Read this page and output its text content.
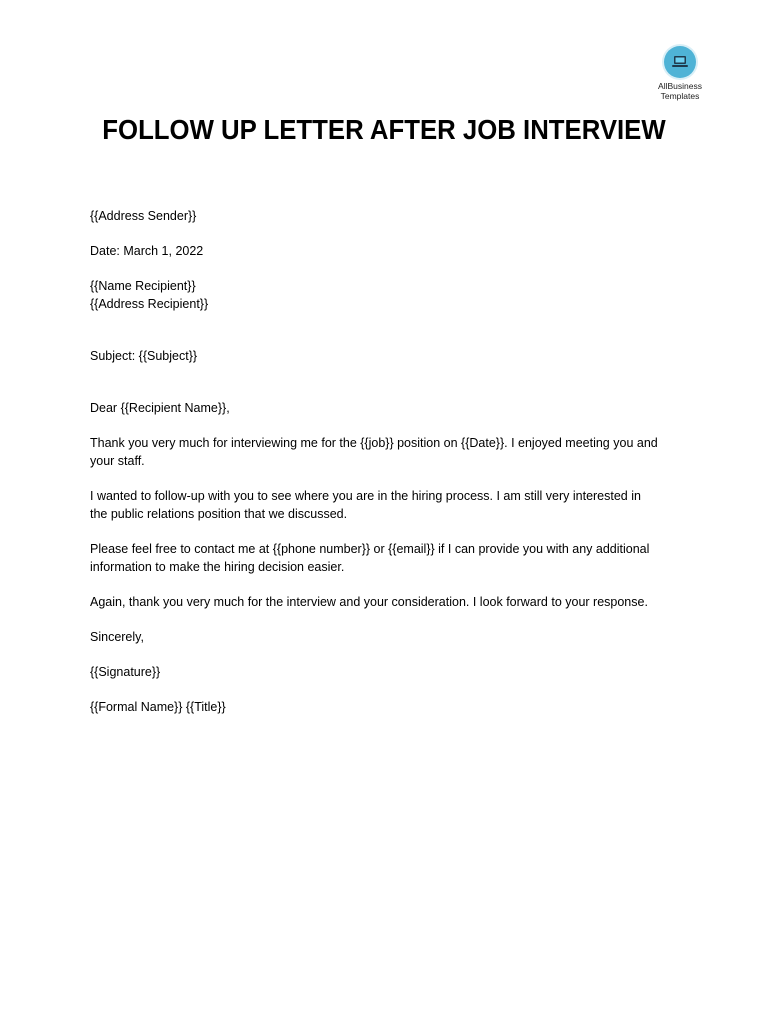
AllBusiness
Templates
FOLLOW UP LETTER AFTER JOB INTERVIEW

{{Address Sender}}

Date: March 1, 2022

{{Name Recipient}}

{{Address Recipient}}

Subject: {{Subject}}

Dear {{Recipient Name}},

Thank you very much for interviewing me for the {{job}} position on {{Date}}. I enjoyed meeting you and

your staff.

I wanted to follow-up with you to see where you are in the hiring process. I am still very interested in

the public relations position that we discussed.

Please feel free to contact me at {{phone number}} or {{email}} if I can provide you with any additional

information to make the hiring decision easier.

Again, thank you very much for the interview and your consideration. I look forward to your response.

Sincerely,

{{Signature}}

{{Formal Name}} {{Title}}
